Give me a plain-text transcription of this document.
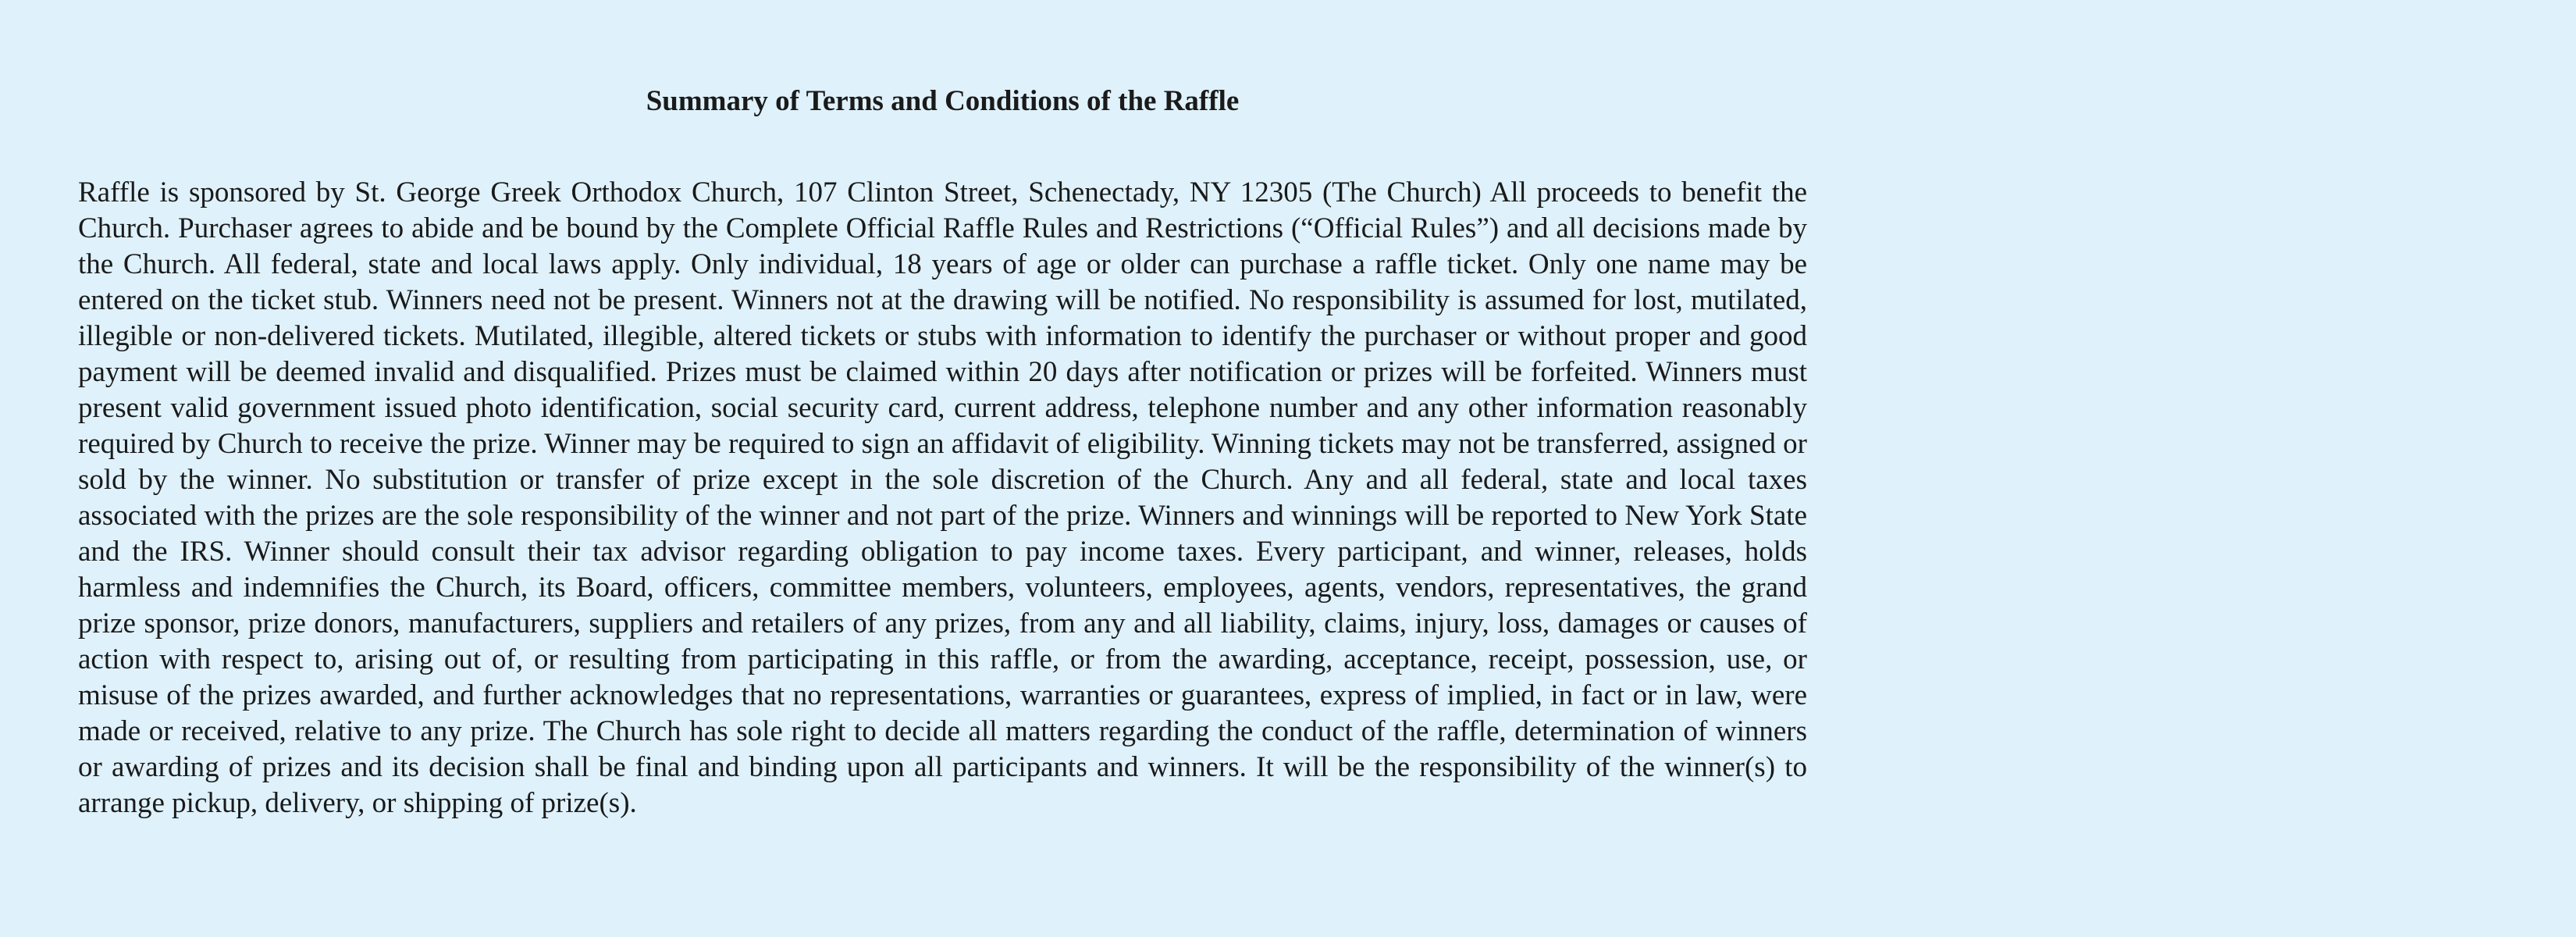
Summary of Terms and Conditions of the Raffle

Raffle is sponsored by St. George Greek Orthodox Church, 107 Clinton Street, Schenectady, NY 12305 (The Church) All proceeds to benefit the Church. Purchaser agrees to abide and be bound by the Complete Official Raffle Rules and Restrictions (“Official Rules”) and all decisions made by the Church. All federal, state and local laws apply. Only individual, 18 years of age or older can purchase a raffle ticket. Only one name may be entered on the ticket stub. Winners need not be present. Winners not at the drawing will be notified. No responsibility is assumed for lost, mutilated, illegible or non-delivered tickets. Mutilated, illegible, altered tickets or stubs with information to identify the purchaser or without proper and good payment will be deemed invalid and disqualified. Prizes must be claimed within 20 days after notification or prizes will be forfeited. Winners must present valid government issued photo identification, social security card, current address, telephone number and any other information reasonably required by Church to receive the prize. Winner may be required to sign an affidavit of eligibility. Winning tickets may not be transferred, assigned or sold by the winner. No substitution or transfer of prize except in the sole discretion of the Church. Any and all federal, state and local taxes associated with the prizes are the sole responsibility of the winner and not part of the prize. Winners and winnings will be reported to New York State and the IRS. Winner should consult their tax advisor regarding obligation to pay income taxes. Every participant, and winner, releases, holds harmless and indemnifies the Church, its Board, officers, committee members, volunteers, employees, agents, vendors, representatives, the grand prize sponsor, prize donors, manufacturers, suppliers and retailers of any prizes, from any and all liability, claims, injury, loss, damages or causes of action with respect to, arising out of, or resulting from participating in this raffle, or from the awarding, acceptance, receipt, possession, use, or misuse of the prizes awarded, and further acknowledges that no representations, warranties or guarantees, express of implied, in fact or in law, were made or received, relative to any prize. The Church has sole right to decide all matters regarding the conduct of the raffle, determination of winners or awarding of prizes and its decision shall be final and binding upon all participants and winners. It will be the responsibility of the winner(s) to arrange pickup, delivery, or shipping of prize(s).
